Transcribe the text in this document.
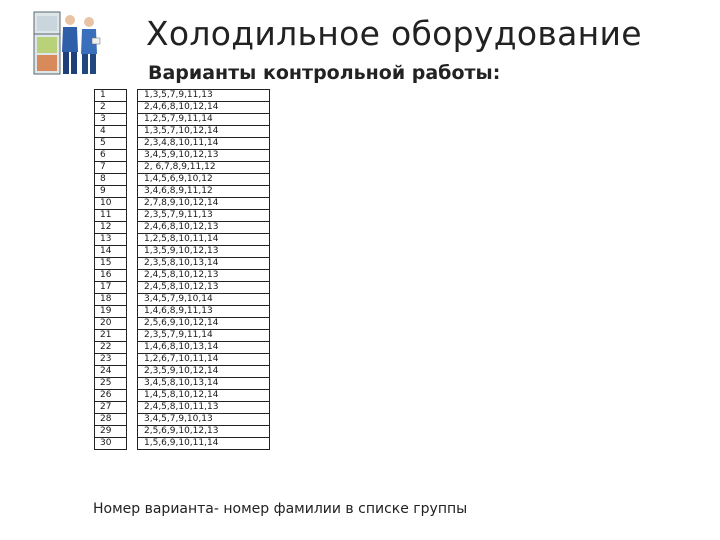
Холодильное оборудование
Варианты контрольной работы:
1		1,3,5,7,9,11,13
2		2,4,6,8,10,12,14
3		1,2,5,7,9,11,14
4		1,3,5,7,10,12,14
5		2,3,4,8,10,11,14
6		3,4,5,9,10,12,13
7		2, 6,7,8,9,11,12
8		1,4,5,6,9,10,12
9		3,4,6,8,9,11,12
10		2,7,8,9,10,12,14
11		2,3,5,7,9,11,13
12		2,4,6,8,10,12,13
13		1,2,5,8,10,11,14
14		1,3,5,9,10,12,13
15		2,3,5,8,10,13,14
16		2,4,5,8,10,12,13
17		2,4,5,8,10,12,13
18		3,4,5,7,9,10,14
19		1,4,6,8,9,11,13
20		2,5,6,9,10,12,14
21		2,3,5,7,9,11,14
22		1,4,6,8,10,13,14
23		1,2,6,7,10,11,14
24		2,3,5,9,10,12,14
25		3,4,5,8,10,13,14
26		1,4,5,8,10,12,14
27		2,4,5,8,10,11,13
28		3,4,5,7,9,10,13
29		2,5,6,9,10,12,13
30		1,5,6,9,10,11,14
Номер варианта- номер фамилии в списке группы
